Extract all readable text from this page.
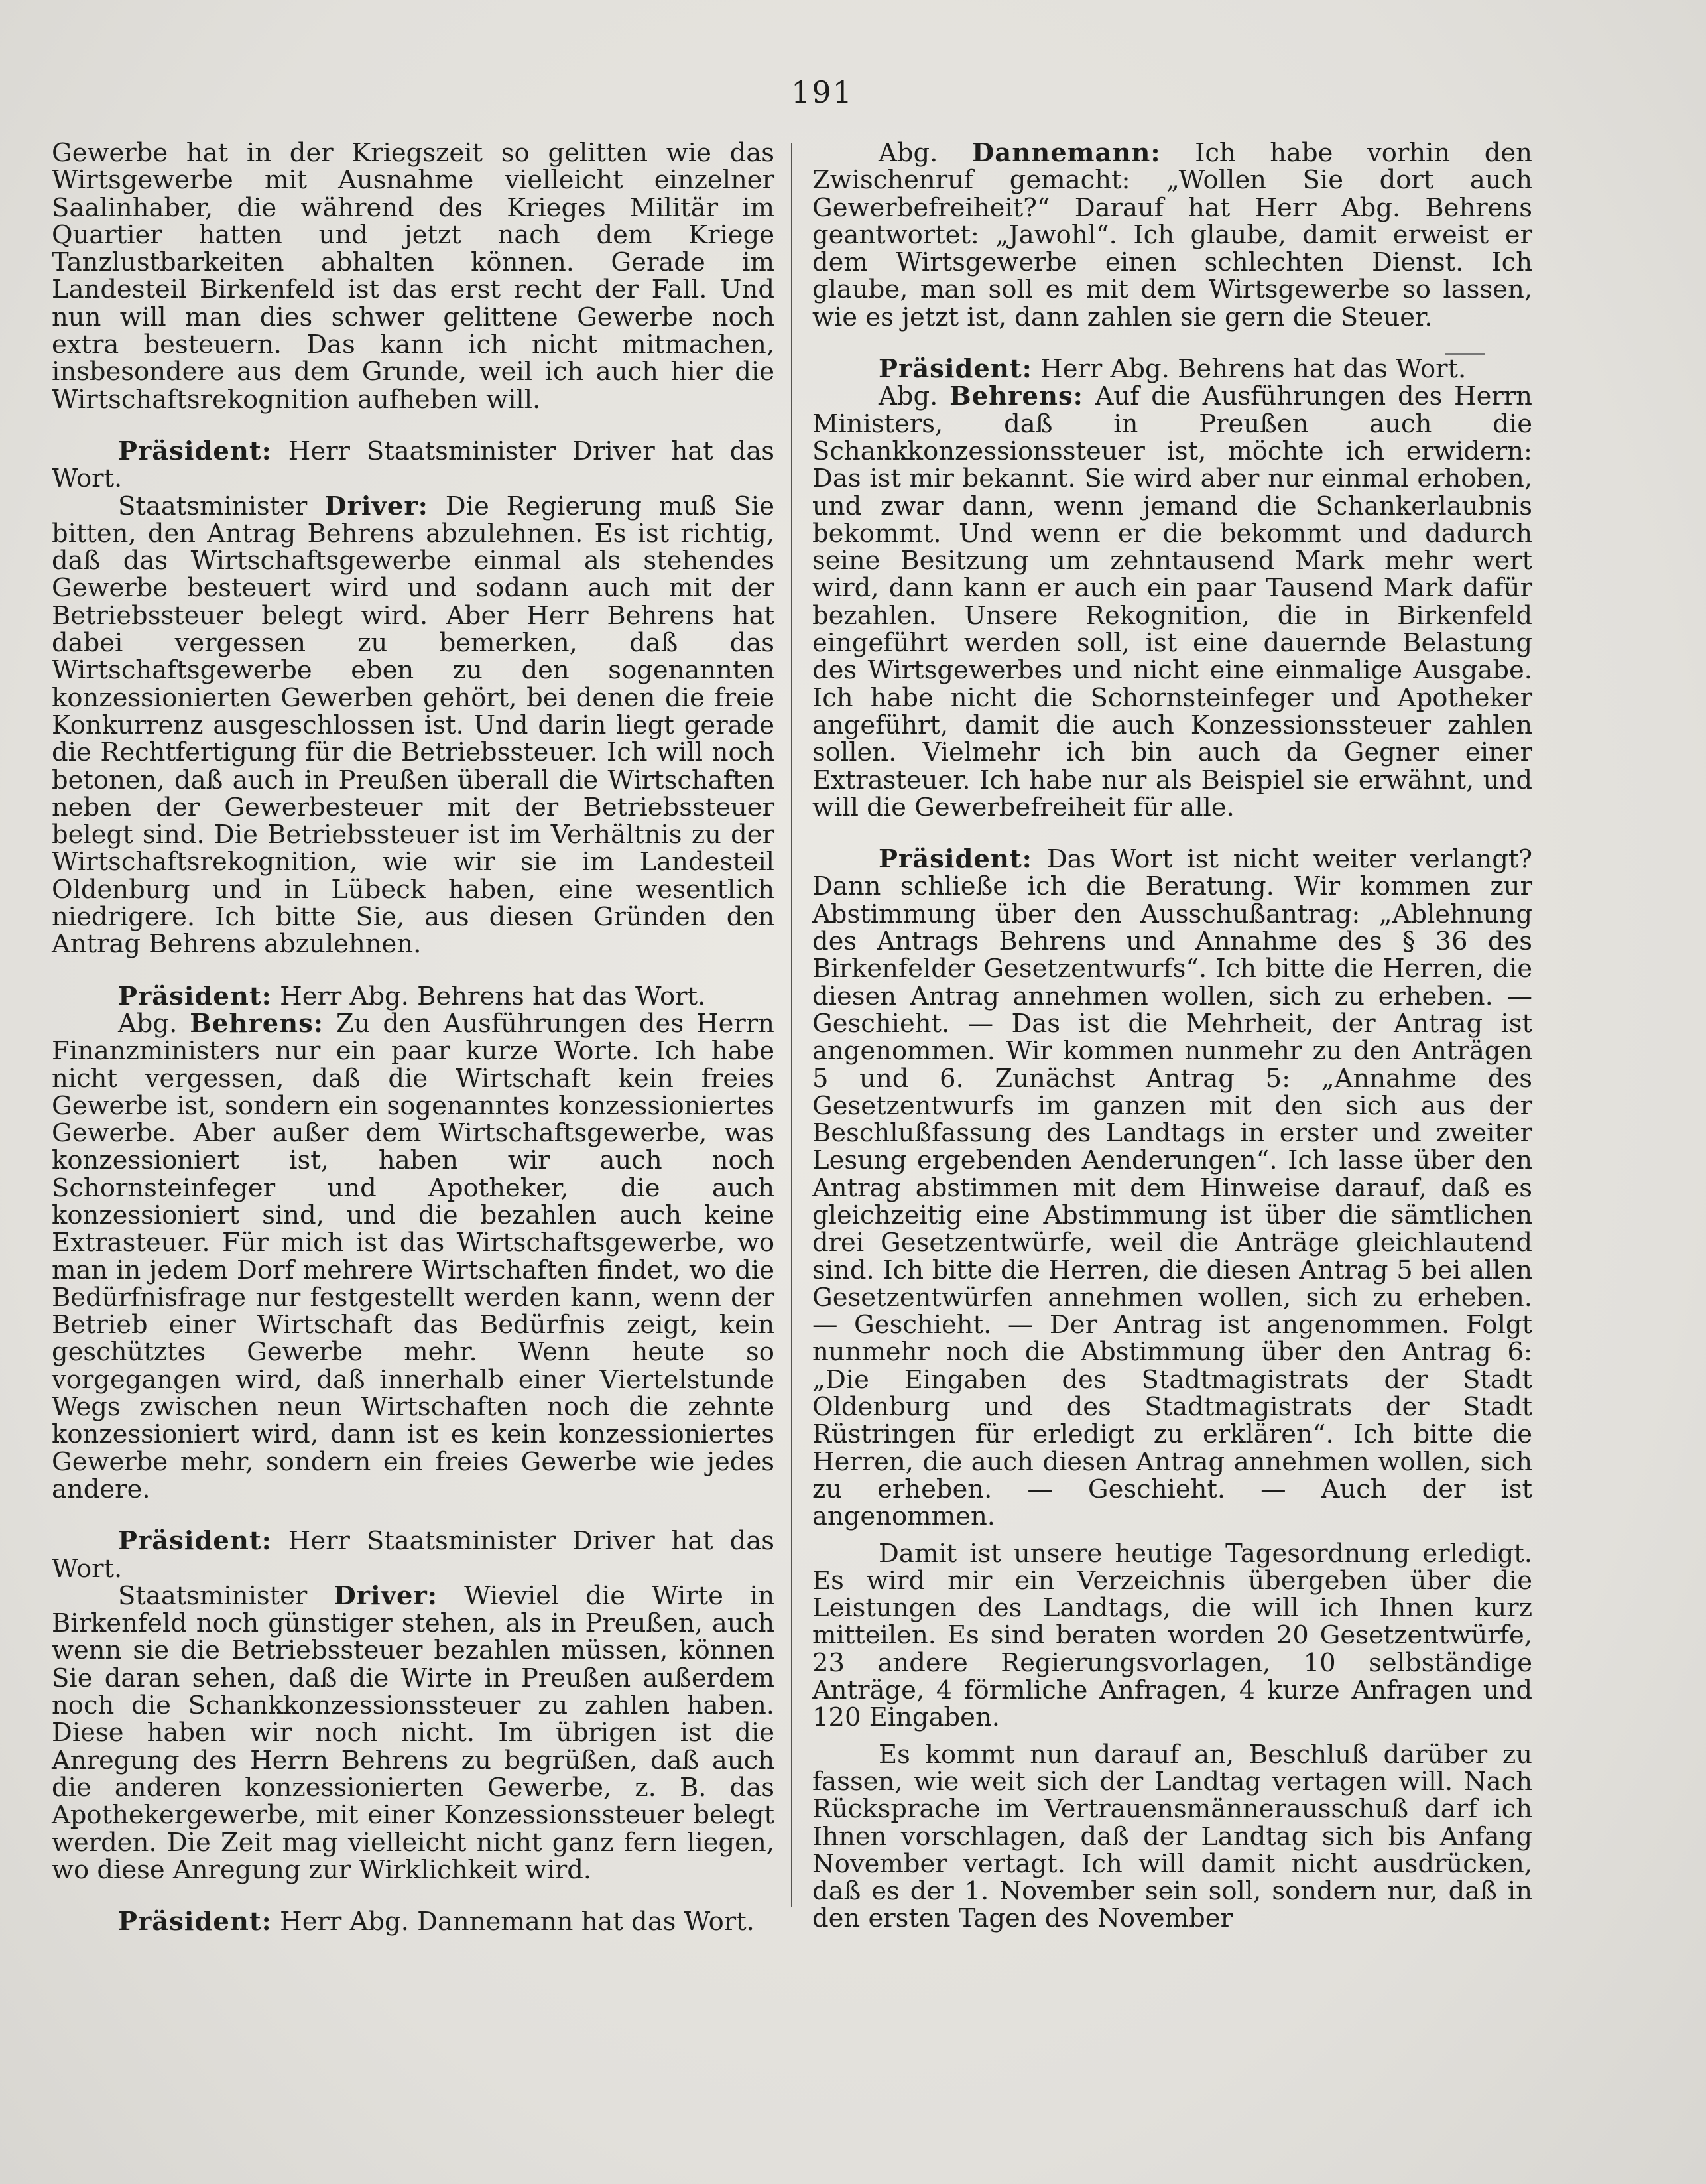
191

Gewerbe hat in der Kriegszeit so gelitten wie das Wirtsgewerbe mit Ausnahme vielleicht einzelner Saalinhaber, die während des Krieges Militär im Quartier hatten und jetzt nach dem Kriege Tanzlustbarkeiten abhalten können. Gerade im Landesteil Birkenfeld ist das erst recht der Fall. Und nun will man dies schwer gelittene Gewerbe noch extra besteuern. Das kann ich nicht mitmachen, insbesondere aus dem Grunde, weil ich auch hier die Wirtschaftsrekognition aufheben will.

Präsident: Herr Staatsminister Driver hat das Wort.

Staatsminister Driver: Die Regierung muß Sie bitten, den Antrag Behrens abzulehnen. Es ist richtig, daß das Wirtschaftsgewerbe einmal als stehendes Gewerbe besteuert wird und sodann auch mit der Betriebssteuer belegt wird. Aber Herr Behrens hat dabei vergessen zu bemerken, daß das Wirtschaftsgewerbe eben zu den sogenannten konzessionierten Gewerben gehört, bei denen die freie Konkurrenz ausgeschlossen ist. Und darin liegt gerade die Rechtfertigung für die Betriebssteuer. Ich will noch betonen, daß auch in Preußen überall die Wirtschaften neben der Gewerbesteuer mit der Betriebssteuer belegt sind. Die Betriebssteuer ist im Verhältnis zu der Wirtschaftsrekognition, wie wir sie im Landesteil Oldenburg und in Lübeck haben, eine wesentlich niedrigere. Ich bitte Sie, aus diesen Gründen den Antrag Behrens abzulehnen.

Präsident: Herr Abg. Behrens hat das Wort.

Abg. Behrens: Zu den Ausführungen des Herrn Finanzministers nur ein paar kurze Worte. Ich habe nicht vergessen, daß die Wirtschaft kein freies Gewerbe ist, sondern ein sogenanntes konzessioniertes Gewerbe. Aber außer dem Wirtschaftsgewerbe, was konzessioniert ist, haben wir auch noch Schornsteinfeger und Apotheker, die auch konzessioniert sind, und die bezahlen auch keine Extrasteuer. Für mich ist das Wirtschaftsgewerbe, wo man in jedem Dorf mehrere Wirtschaften findet, wo die Bedürfnisfrage nur festgestellt werden kann, wenn der Betrieb einer Wirtschaft das Bedürfnis zeigt, kein geschütztes Gewerbe mehr. Wenn heute so vorgegangen wird, daß innerhalb einer Viertelstunde Wegs zwischen neun Wirtschaften noch die zehnte konzessioniert wird, dann ist es kein konzessioniertes Gewerbe mehr, sondern ein freies Gewerbe wie jedes andere.

Präsident: Herr Staatsminister Driver hat das Wort.

Staatsminister Driver: Wieviel die Wirte in Birkenfeld noch günstiger stehen, als in Preußen, auch wenn sie die Betriebssteuer bezahlen müssen, können Sie daran sehen, daß die Wirte in Preußen außerdem noch die Schankkonzessionssteuer zu zahlen haben. Diese haben wir noch nicht. Im übrigen ist die Anregung des Herrn Behrens zu begrüßen, daß auch die anderen konzessionierten Gewerbe, z. B. das Apothekergewerbe, mit einer Konzessionssteuer belegt werden. Die Zeit mag vielleicht nicht ganz fern liegen, wo diese Anregung zur Wirklichkeit wird.

Präsident: Herr Abg. Dannemann hat das Wort.

Abg. Dannemann: Ich habe vorhin den Zwischenruf gemacht: „Wollen Sie dort auch Gewerbefreiheit?“ Darauf hat Herr Abg. Behrens geantwortet: „Jawohl“. Ich glaube, damit erweist er dem Wirtsgewerbe einen schlechten Dienst. Ich glaube, man soll es mit dem Wirtsgewerbe so lassen, wie es jetzt ist, dann zahlen sie gern die Steuer.

Präsident: Herr Abg. Behrens hat das Wort.

Abg. Behrens: Auf die Ausführungen des Herrn Ministers, daß in Preußen auch die Schankkonzessionssteuer ist, möchte ich erwidern: Das ist mir bekannt. Sie wird aber nur einmal erhoben, und zwar dann, wenn jemand die Schankerlaubnis bekommt. Und wenn er die bekommt und dadurch seine Besitzung um zehntausend Mark mehr wert wird, dann kann er auch ein paar Tausend Mark dafür bezahlen. Unsere Rekognition, die in Birkenfeld eingeführt werden soll, ist eine dauernde Belastung des Wirtsgewerbes und nicht eine einmalige Ausgabe. Ich habe nicht die Schornsteinfeger und Apotheker angeführt, damit die auch Konzessionssteuer zahlen sollen. Vielmehr ich bin auch da Gegner einer Extrasteuer. Ich habe nur als Beispiel sie erwähnt, und will die Gewerbefreiheit für alle.

Präsident: Das Wort ist nicht weiter verlangt? Dann schließe ich die Beratung. Wir kommen zur Abstimmung über den Ausschußantrag: „Ablehnung des Antrags Behrens und Annahme des § 36 des Birkenfelder Gesetzentwurfs“. Ich bitte die Herren, die diesen Antrag annehmen wollen, sich zu erheben. — Geschieht. — Das ist die Mehrheit, der Antrag ist angenommen. Wir kommen nunmehr zu den Anträgen 5 und 6. Zunächst Antrag 5: „Annahme des Gesetzentwurfs im ganzen mit den sich aus der Beschlußfassung des Landtags in erster und zweiter Lesung ergebenden Aenderungen“. Ich lasse über den Antrag abstimmen mit dem Hinweise darauf, daß es gleichzeitig eine Abstimmung ist über die sämtlichen drei Gesetzentwürfe, weil die Anträge gleichlautend sind. Ich bitte die Herren, die diesen Antrag 5 bei allen Gesetzentwürfen annehmen wollen, sich zu erheben. — Geschieht. — Der Antrag ist angenommen. Folgt nunmehr noch die Abstimmung über den Antrag 6: „Die Eingaben des Stadtmagistrats der Stadt Oldenburg und des Stadtmagistrats der Stadt Rüstringen für erledigt zu erklären“. Ich bitte die Herren, die auch diesen Antrag annehmen wollen, sich zu erheben. — Geschieht. — Auch der ist angenommen.

Damit ist unsere heutige Tagesordnung erledigt. Es wird mir ein Verzeichnis übergeben über die Leistungen des Landtags, die will ich Ihnen kurz mitteilen. Es sind beraten worden 20 Gesetzentwürfe, 23 andere Regierungsvorlagen, 10 selbständige Anträge, 4 förmliche Anfragen, 4 kurze Anfragen und 120 Eingaben.

Es kommt nun darauf an, Beschluß darüber zu fassen, wie weit sich der Landtag vertagen will. Nach Rücksprache im Vertrauensmännerausschuß darf ich Ihnen vorschlagen, daß der Landtag sich bis Anfang November vertagt. Ich will damit nicht ausdrücken, daß es der 1. November sein soll, sondern nur, daß in den ersten Tagen des November
